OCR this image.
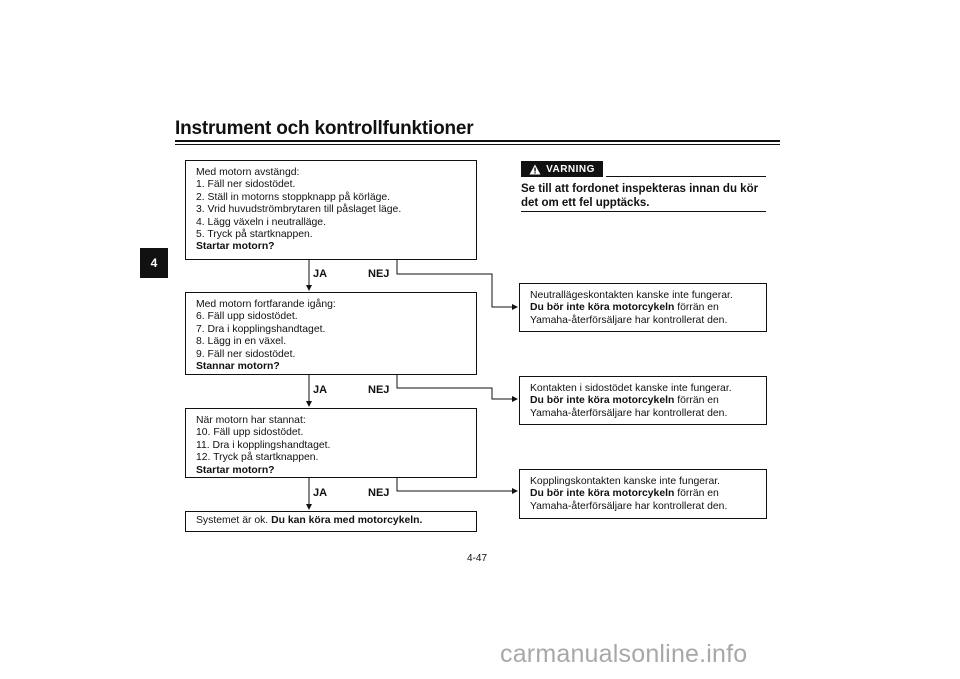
Instrument och kontrollfunktioner
4
Med motorn avstängd:
1. Fäll ner sidostödet.
2. Ställ in motorns stoppknapp på körläge.
3. Vrid huvudströmbrytaren till påslaget läge.
4. Lägg växeln i neutralläge.
5. Tryck på startknappen.
Startar motorn?
JA	NEJ
Med motorn fortfarande igång:
6. Fäll upp sidostödet.
7. Dra i kopplingshandtaget.
8. Lägg in en växel.
9. Fäll ner sidostödet.
Stannar motorn?
JA	NEJ
När motorn har stannat:
10. Fäll upp sidostödet.
11. Dra i kopplingshandtaget.
12. Tryck på startknappen.
Startar motorn?
JA	NEJ
Systemet är ok. Du kan köra med motorcykeln.
VARNING
Se till att fordonet inspekteras innan du kör det om ett fel upptäcks.
Neutrallägeskontakten kanske inte fungerar.
Du bör inte köra motorcykeln förrän en
Yamaha-återförsäljare har kontrollerat den.
Kontakten i sidostödet kanske inte fungerar.
Du bör inte köra motorcykeln förrän en
Yamaha-återförsäljare har kontrollerat den.
Kopplingskontakten kanske inte fungerar.
Du bör inte köra motorcykeln förrän en
Yamaha-återförsäljare har kontrollerat den.
4-47
carmanualsonline.info
